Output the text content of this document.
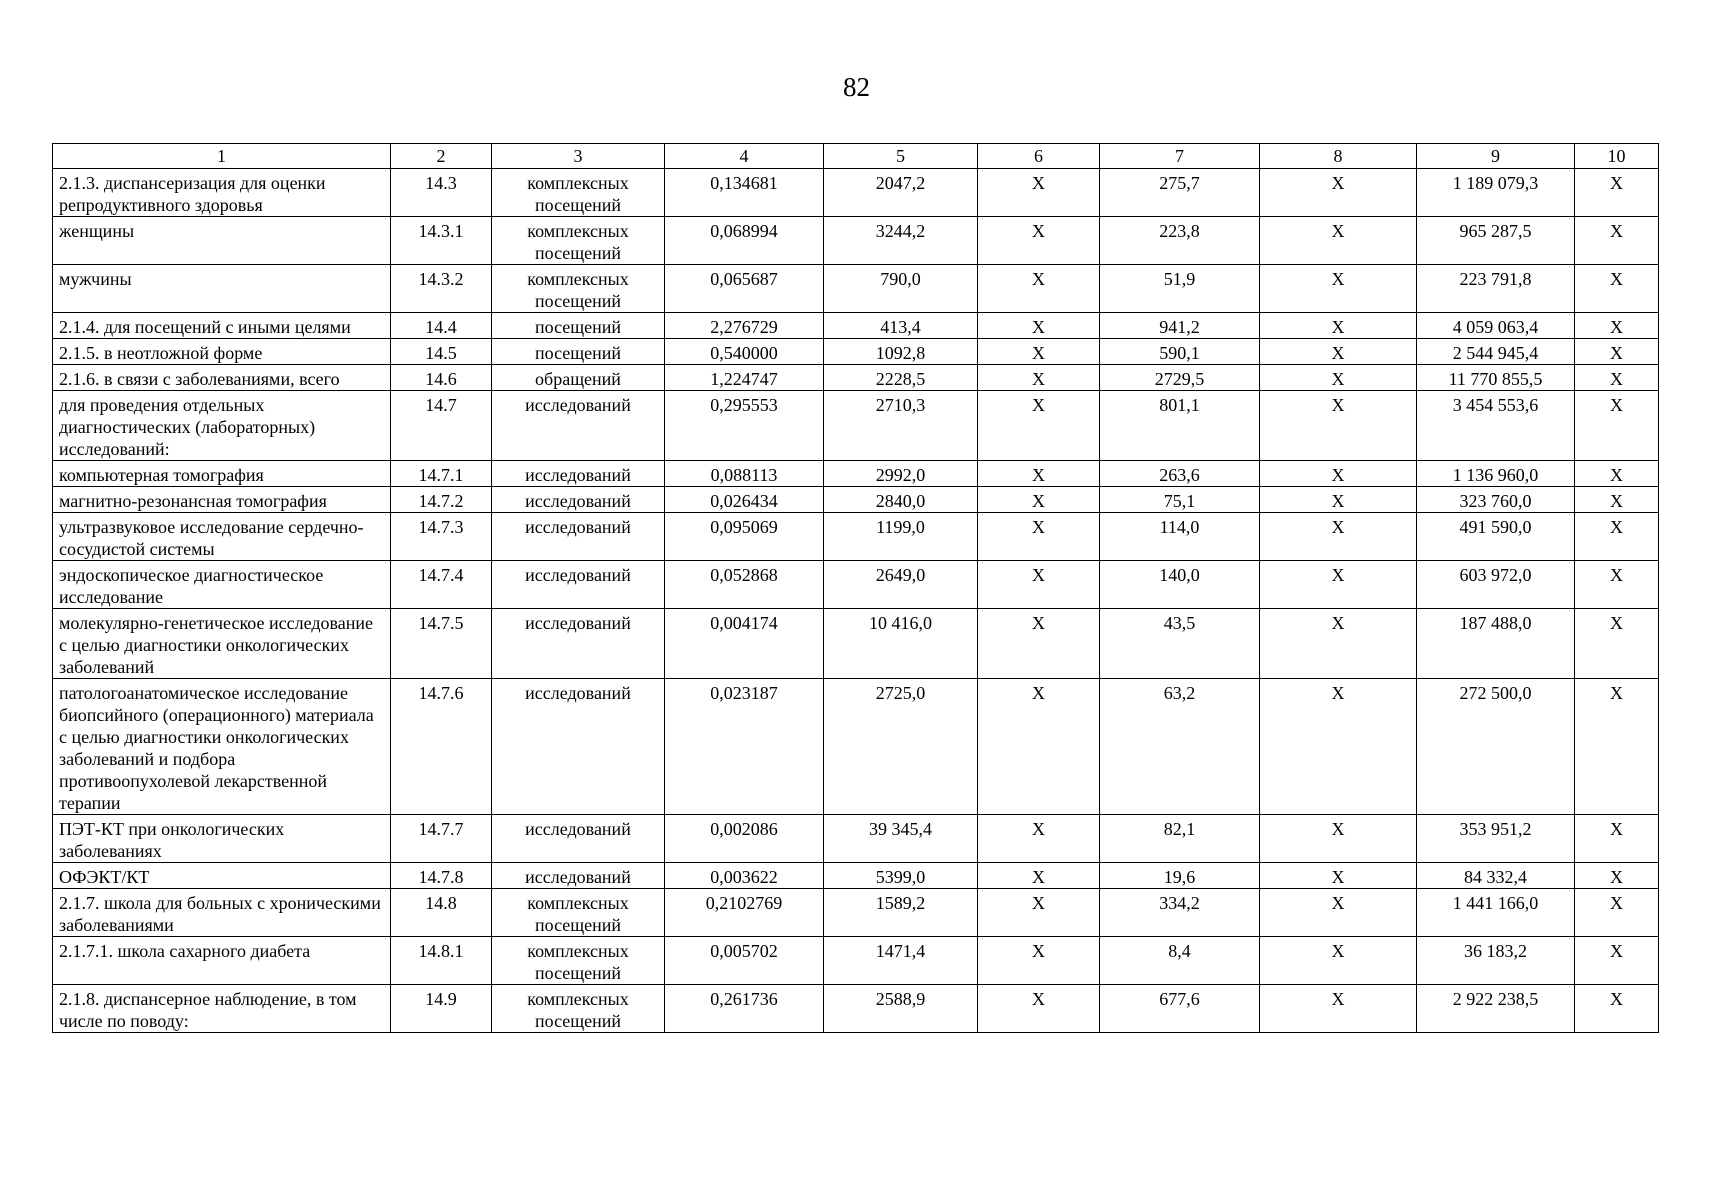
82
1	2	3	4	5	6	7	8	9	10
2.1.3. диспансеризация для оценки репродуктивного здоровья	14.3	комплексных посещений	0,134681	2047,2	X	275,7	X	1 189 079,3	X
женщины	14.3.1	комплексных посещений	0,068994	3244,2	X	223,8	X	965 287,5	X
мужчины	14.3.2	комплексных посещений	0,065687	790,0	X	51,9	X	223 791,8	X
2.1.4. для посещений с иными целями	14.4	посещений	2,276729	413,4	X	941,2	X	4 059 063,4	X
2.1.5. в неотложной форме	14.5	посещений	0,540000	1092,8	X	590,1	X	2 544 945,4	X
2.1.6. в связи с заболеваниями, всего	14.6	обращений	1,224747	2228,5	X	2729,5	X	11 770 855,5	X
для проведения отдельных диагностических (лабораторных) исследований:	14.7	исследований	0,295553	2710,3	X	801,1	X	3 454 553,6	X
компьютерная томография	14.7.1	исследований	0,088113	2992,0	X	263,6	X	1 136 960,0	X
магнитно-резонансная томография	14.7.2	исследований	0,026434	2840,0	X	75,1	X	323 760,0	X
ультразвуковое исследование сердечно-сосудистой системы	14.7.3	исследований	0,095069	1199,0	X	114,0	X	491 590,0	X
эндоскопическое диагностическое исследование	14.7.4	исследований	0,052868	2649,0	X	140,0	X	603 972,0	X
молекулярно-генетическое исследование с целью диагностики онкологических заболеваний	14.7.5	исследований	0,004174	10 416,0	X	43,5	X	187 488,0	X
патологоанатомическое исследование биопсийного (операционного) материала с целью диагностики онкологических заболеваний и подбора противоопухолевой лекарственной терапии	14.7.6	исследований	0,023187	2725,0	X	63,2	X	272 500,0	X
ПЭТ-КТ при онкологических заболеваниях	14.7.7	исследований	0,002086	39 345,4	X	82,1	X	353 951,2	X
ОФЭКТ/КТ	14.7.8	исследований	0,003622	5399,0	X	19,6	X	84 332,4	X
2.1.7. школа для больных с хроническими заболеваниями	14.8	комплексных посещений	0,2102769	1589,2	X	334,2	X	1 441 166,0	X
2.1.7.1. школа сахарного диабета	14.8.1	комплексных посещений	0,005702	1471,4	X	8,4	X	36 183,2	X
2.1.8. диспансерное наблюдение, в том числе по поводу:	14.9	комплексных посещений	0,261736	2588,9	X	677,6	X	2 922 238,5	X
